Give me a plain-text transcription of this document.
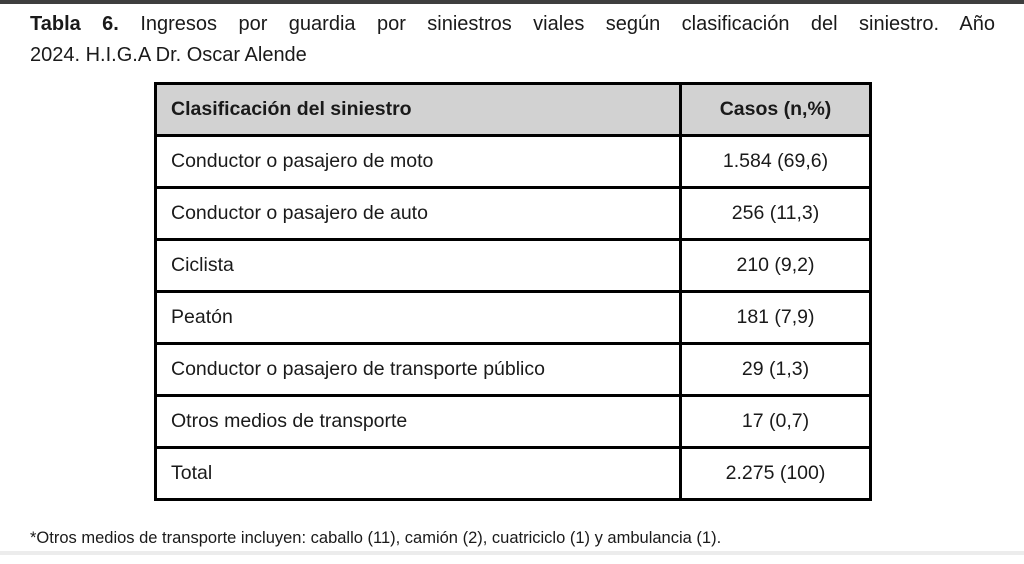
Tabla 6. Ingresos por guardia por siniestros viales según clasificación del siniestro. Año
2024. H.I.G.A Dr. Oscar Alende
Clasificación del siniestro	Casos (n,%)
Conductor o pasajero de moto	1.584 (69,6)
Conductor o pasajero de auto	256 (11,3)
Ciclista	210 (9,2)
Peatón	181 (7,9)
Conductor o pasajero de transporte público	29 (1,3)
Otros medios de transporte	17 (0,7)
Total	2.275 (100)
*Otros medios de transporte incluyen: caballo (11), camión (2), cuatriciclo (1) y ambulancia (1).
